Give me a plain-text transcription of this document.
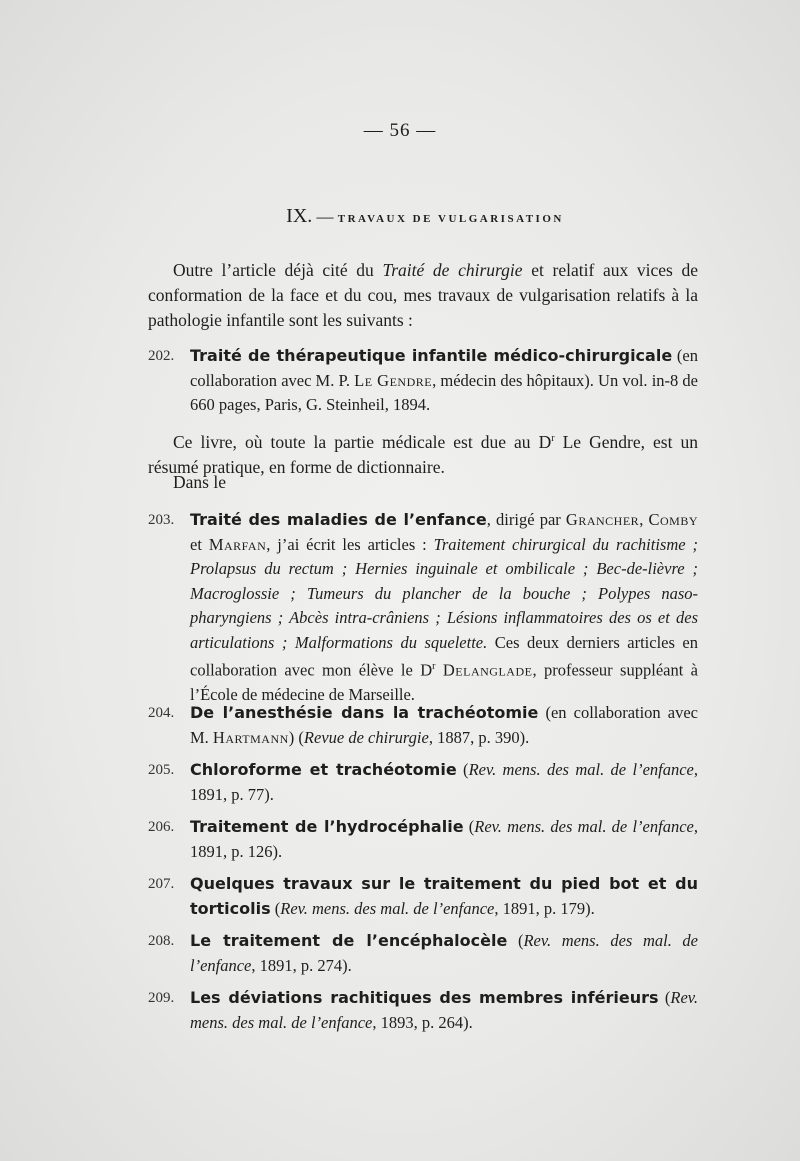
— 56 —
IX. — TRAVAUX DE VULGARISATION
Outre l’article déjà cité du Traité de chirurgie et relatif aux vices de conformation de la face et du cou, mes travaux de vulgarisation relatifs à la pathologie infantile sont les suivants :
202. Traité de thérapeutique infantile médico-chirurgicale (en collaboration avec M. P. Le Gendre, médecin des hôpitaux). Un vol. in-8 de 660 pages, Paris, G. Steinheil, 1894.
Ce livre, où toute la partie médicale est due au $D^r$ Le Gendre, est un résumé pratique, en forme de dictionnaire.
Dans le
203. Traité des maladies de l’enfance, dirigé par Grancher, Comby et Marfan, j’ai écrit les articles : Traitement chirurgical du rachitisme ; Prolapsus du rectum ; Hernies inguinale et ombilicale ; Bec-de-lièvre ; Macroglossie ; Tumeurs du plancher de la bouche ; Polypes naso-pharyngiens ; Abcès intra-crâniens ; Lésions inflammatoires des os et des articulations ; Malformations du squelette. Ces deux derniers articles en collaboration avec mon élève le $D^r$ Delanglade, professeur suppléant à l’École de médecine de Marseille.
204. De l’anesthésie dans la trachéotomie (en collaboration avec M. Hartmann) (Revue de chirurgie, 1887, p. 390).
205. Chloroforme et trachéotomie (Rev. mens. des mal. de l’enfance, 1891, p. 77).
206. Traitement de l’hydrocéphalie (Rev. mens. des mal. de l’enfance, 1891, p. 126).
207. Quelques travaux sur le traitement du pied bot et du torticolis (Rev. mens. des mal. de l’enfance, 1891, p. 179).
208. Le traitement de l’encéphalocèle (Rev. mens. des mal. de l’enfance, 1891, p. 274).
209. Les déviations rachitiques des membres inférieurs (Rev. mens. des mal. de l’enfance, 1893, p. 264).
